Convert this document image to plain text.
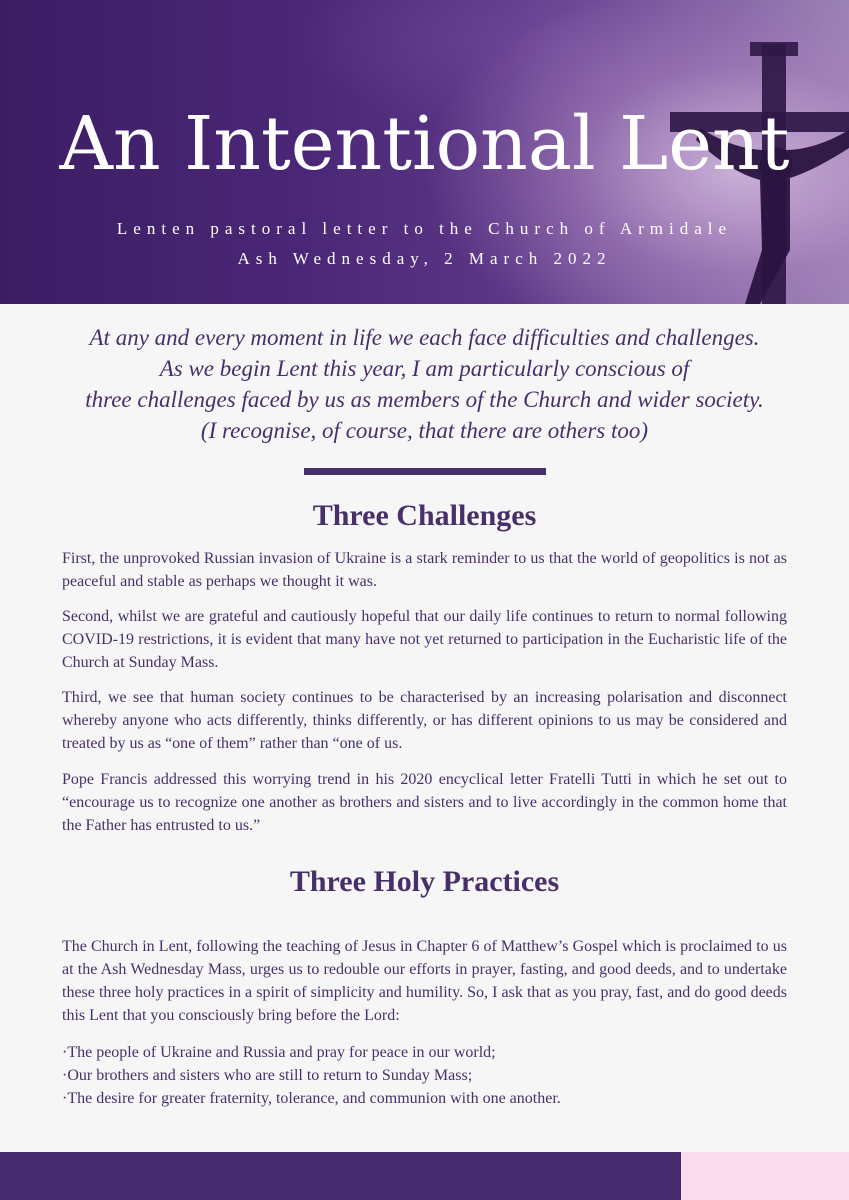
An Intentional Lent

Lenten pastoral letter to the Church of Armidale

Ash Wednesday, 2 March 2022

At any and every moment in life we each face difficulties and challenges.
As we begin Lent this year, I am particularly conscious of
three challenges faced by us as members of the Church and wider society.
(I recognise, of course, that there are others too)
Three Challenges

First, the unprovoked Russian invasion of Ukraine is a stark reminder to us that the world of geopolitics is not as peaceful and stable as perhaps we thought it was.

Second, whilst we are grateful and cautiously hopeful that our daily life continues to return to normal following COVID-19 restrictions, it is evident that many have not yet returned to participation in the Eucharistic life of the Church at Sunday Mass.

Third, we see that human society continues to be characterised by an increasing polarisation and disconnect whereby anyone who acts differently, thinks differently, or has different opinions to us may be considered and treated by us as “one of them” rather than “one of us.

Pope Francis addressed this worrying trend in his 2020 encyclical letter Fratelli Tutti in which he set out to “encourage us to recognize one another as brothers and sisters and to live accordingly in the common home that the Father has entrusted to us.”

Three Holy Practices

The Church in Lent, following the teaching of Jesus in Chapter 6 of Matthew’s Gospel which is proclaimed to us at the Ash Wednesday Mass, urges us to redouble our efforts in prayer, fasting, and good deeds, and to undertake these three holy practices in a spirit of simplicity and humility. So, I ask that as you pray, fast, and do good deeds this Lent that you consciously bring before the Lord:

·The people of Ukraine and Russia and pray for peace in our world;
·Our brothers and sisters who are still to return to Sunday Mass;
·The desire for greater fraternity, tolerance, and communion with one another.
